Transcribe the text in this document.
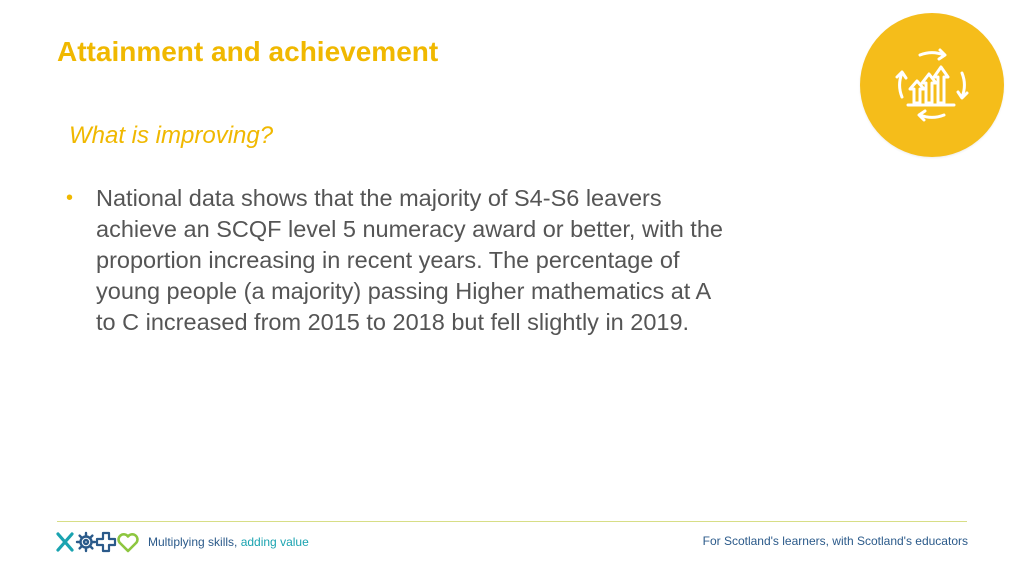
Attainment and achievement
What is improving?
• National data shows that the majority of S4-S6 leavers achieve an SCQF level 5 numeracy award or better, with the proportion increasing in recent years. The percentage of young people (a majority) passing Higher mathematics at A to C increased from 2015 to 2018 but fell slightly in 2019.
Multiplying skills, adding value	For Scotland's learners, with Scotland's educators
